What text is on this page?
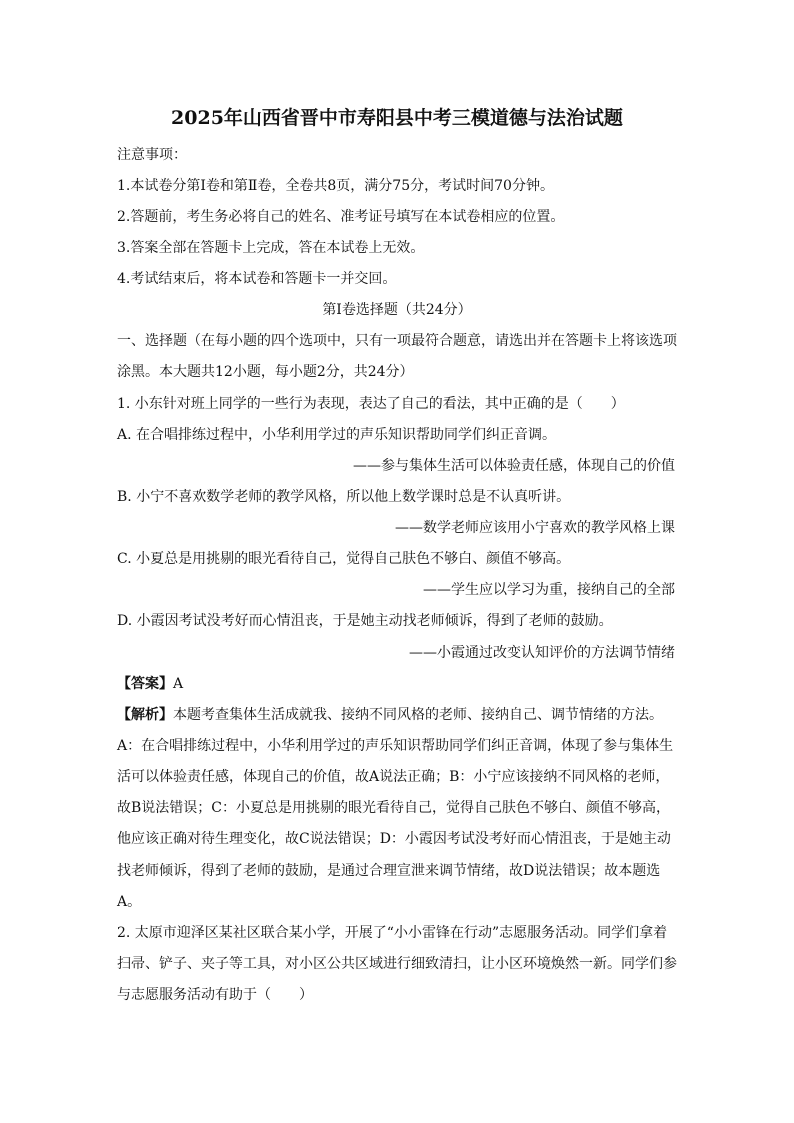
2025年山西省晋中市寿阳县中考三模道德与法治试题
注意事项：
1.本试卷分第Ⅰ卷和第Ⅱ卷，全卷共8页，满分75分，考试时间70分钟。
2.答题前，考生务必将自己的姓名、准考证号填写在本试卷相应的位置。
3.答案全部在答题卡上完成，答在本试卷上无效。
4.考试结束后，将本试卷和答题卡一并交回。
第Ⅰ卷选择题（共24分）
一、选择题（在每小题的四个选项中，只有一项最符合题意，请选出并在答题卡上将该选项
涂黑。本大题共12小题，每小题2分，共24分）
1. 小东针对班上同学的一些行为表现，表达了自己的看法，其中正确的是（　　）
A. 在合唱排练过程中，小华利用学过的声乐知识帮助同学们纠正音调。
——参与集体生活可以体验责任感，体现自己的价值
B. 小宁不喜欢数学老师的教学风格，所以他上数学课时总是不认真听讲。
——数学老师应该用小宁喜欢的教学风格上课
C. 小夏总是用挑剔的眼光看待自己，觉得自己肤色不够白、颜值不够高。
——学生应以学习为重，接纳自己的全部
D. 小霞因考试没考好而心情沮丧，于是她主动找老师倾诉，得到了老师的鼓励。
——小霞通过改变认知评价的方法调节情绪
【答案】A
【解析】本题考查集体生活成就我、接纳不同风格的老师、接纳自己、调节情绪的方法。
A：在合唱排练过程中，小华利用学过的声乐知识帮助同学们纠正音调，体现了参与集体生
活可以体验责任感，体现自己的价值，故A说法正确；B：小宁应该接纳不同风格的老师，
故B说法错误；C：小夏总是用挑剔的眼光看待自己，觉得自己肤色不够白、颜值不够高，
他应该正确对待生理变化，故C说法错误；D：小霞因考试没考好而心情沮丧，于是她主动
找老师倾诉，得到了老师的鼓励，是通过合理宣泄来调节情绪，故D说法错误；故本题选
A。
2. 太原市迎泽区某社区联合某小学，开展了“小小雷锋在行动”志愿服务活动。同学们拿着
扫帚、铲子、夹子等工具，对小区公共区域进行细致清扫，让小区环境焕然一新。同学们参
与志愿服务活动有助于（　　）
